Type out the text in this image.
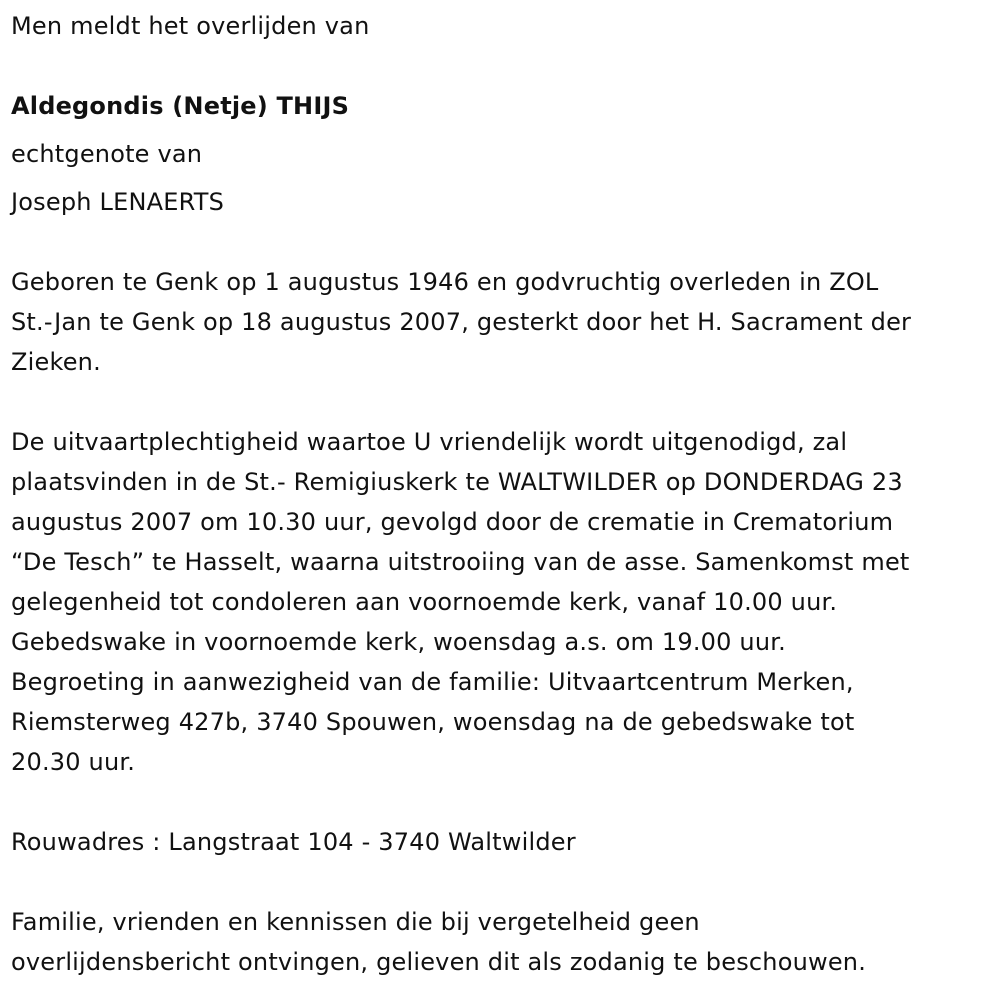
Men meldt het overlijden van
Aldegondis (Netje) THIJS
echtgenote van
Joseph LENAERTS
Geboren te Genk op 1 augustus 1946 en godvruchtig overleden in ZOL
St.-Jan te Genk op 18 augustus 2007, gesterkt door het H. Sacrament der
Zieken.
De uitvaartplechtigheid waartoe U vriendelijk wordt uitgenodigd, zal
plaatsvinden in de St.- Remigiuskerk te WALTWILDER op DONDERDAG 23
augustus 2007 om 10.30 uur, gevolgd door de crematie in Crematorium
“De Tesch” te Hasselt, waarna uitstrooiing van de asse. Samenkomst met
gelegenheid tot condoleren aan voornoemde kerk, vanaf 10.00 uur.
Gebedswake in voornoemde kerk, woensdag a.s. om 19.00 uur.
Begroeting in aanwezigheid van de familie: Uitvaartcentrum Merken,
Riemsterweg 427b, 3740 Spouwen, woensdag na de gebedswake tot
20.30 uur.
Rouwadres : Langstraat 104 - 3740 Waltwilder
Familie, vrienden en kennissen die bij vergetelheid geen
overlijdensbericht ontvingen, gelieven dit als zodanig te beschouwen.
